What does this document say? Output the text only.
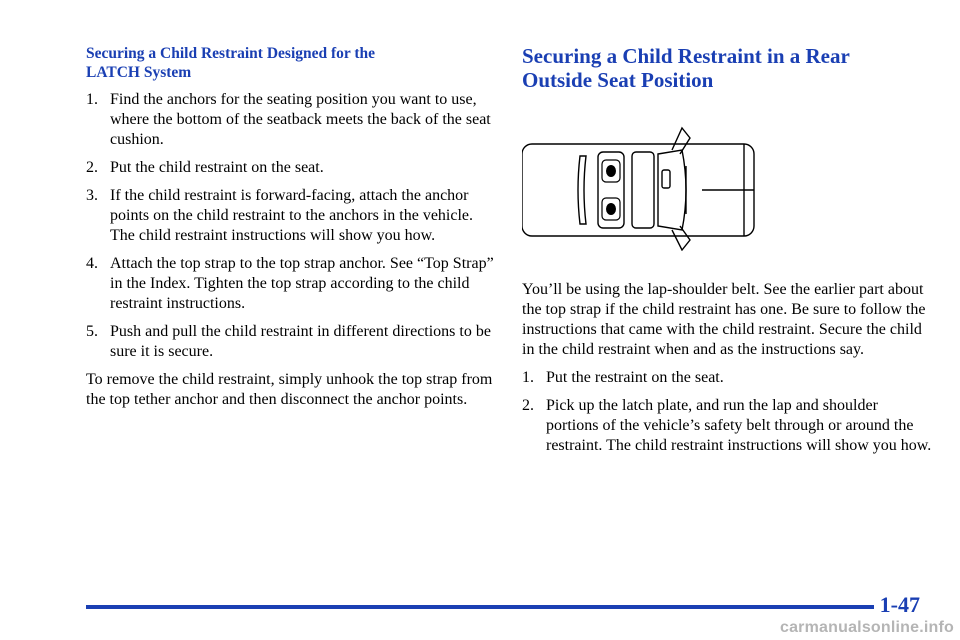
Securing a Child Restraint Designed for the
LATCH System
1. Find the anchors for the seating position you want to use, where the bottom of the seatback meets the back of the seat cushion.
2. Put the child restraint on the seat.
3. If the child restraint is forward‑facing, attach the anchor points on the child restraint to the anchors in the vehicle. The child restraint instructions will show you how.
4. Attach the top strap to the top strap anchor. See “Top Strap” in the Index. Tighten the top strap according to the child restraint instructions.
5. Push and pull the child restraint in different directions to be sure it is secure.

To remove the child restraint, simply unhook the top strap from the top tether anchor and then disconnect the anchor points.

Securing a Child Restraint in a Rear
Outside Seat Position

You’ll be using the lap‑shoulder belt. See the earlier part about the top strap if the child restraint has one. Be sure to follow the instructions that came with the child restraint. Secure the child in the child restraint when and as the instructions say.

1. Put the restraint on the seat.
2. Pick up the latch plate, and run the lap and shoulder portions of the vehicle’s safety belt through or around the restraint. The child restraint instructions will show you how.
1-47
carmanualsonline.info
